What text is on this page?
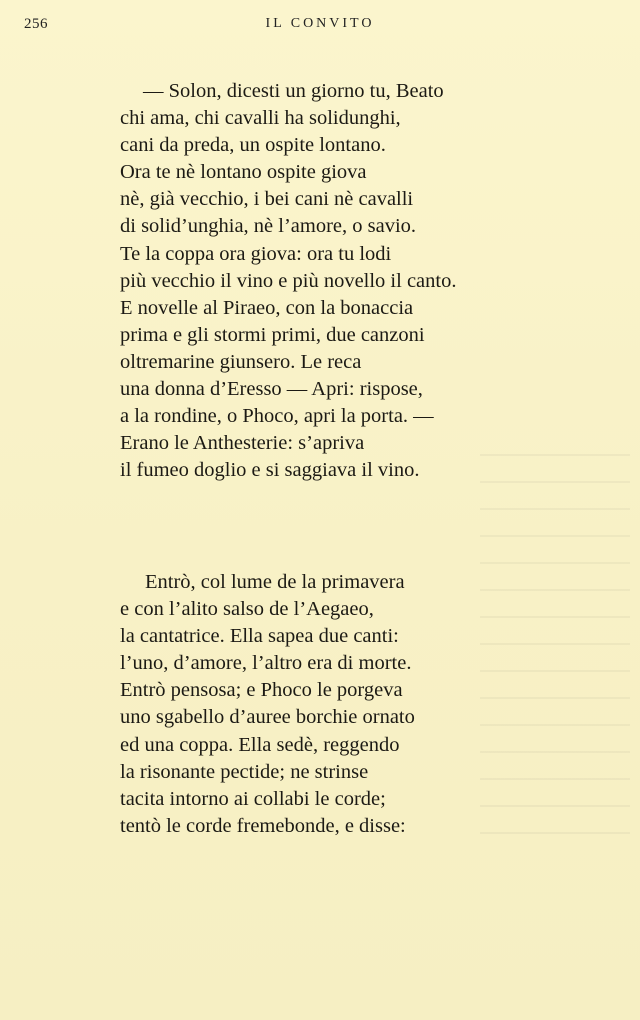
256	IL CONVITO
— Solon, dicesti un giorno tu, Beato
chi ama, chi cavalli ha solidunghi,
cani da preda, un ospite lontano.
Ora te nè lontano ospite giova
nè, già vecchio, i bei cani nè cavalli
di solid’unghia, nè l’amore, o savio.
Te la coppa ora giova: ora tu lodi
più vecchio il vino e più novello il canto.
E novelle al Piraeo, con la bonaccia
prima e gli stormi primi, due canzoni
oltremarine giunsero. Le reca
una donna d’Eresso — Apri: rispose,
a la rondine, o Phoco, apri la porta. —
Erano le Anthesterie: s’apriva
il fumeo doglio e si saggiava il vino.
Entrò, col lume de la primavera
e con l’alito salso de l’Aegaeo,
la cantatrice. Ella sapea due canti:
l’uno, d’amore, l’altro era di morte.
Entrò pensosa; e Phoco le porgeva
uno sgabello d’auree borchie ornato
ed una coppa. Ella sedè, reggendo
la risonante pectide; ne strinse
tacita intorno ai collabi le corde;
tentò le corde fremebonde, e disse:
